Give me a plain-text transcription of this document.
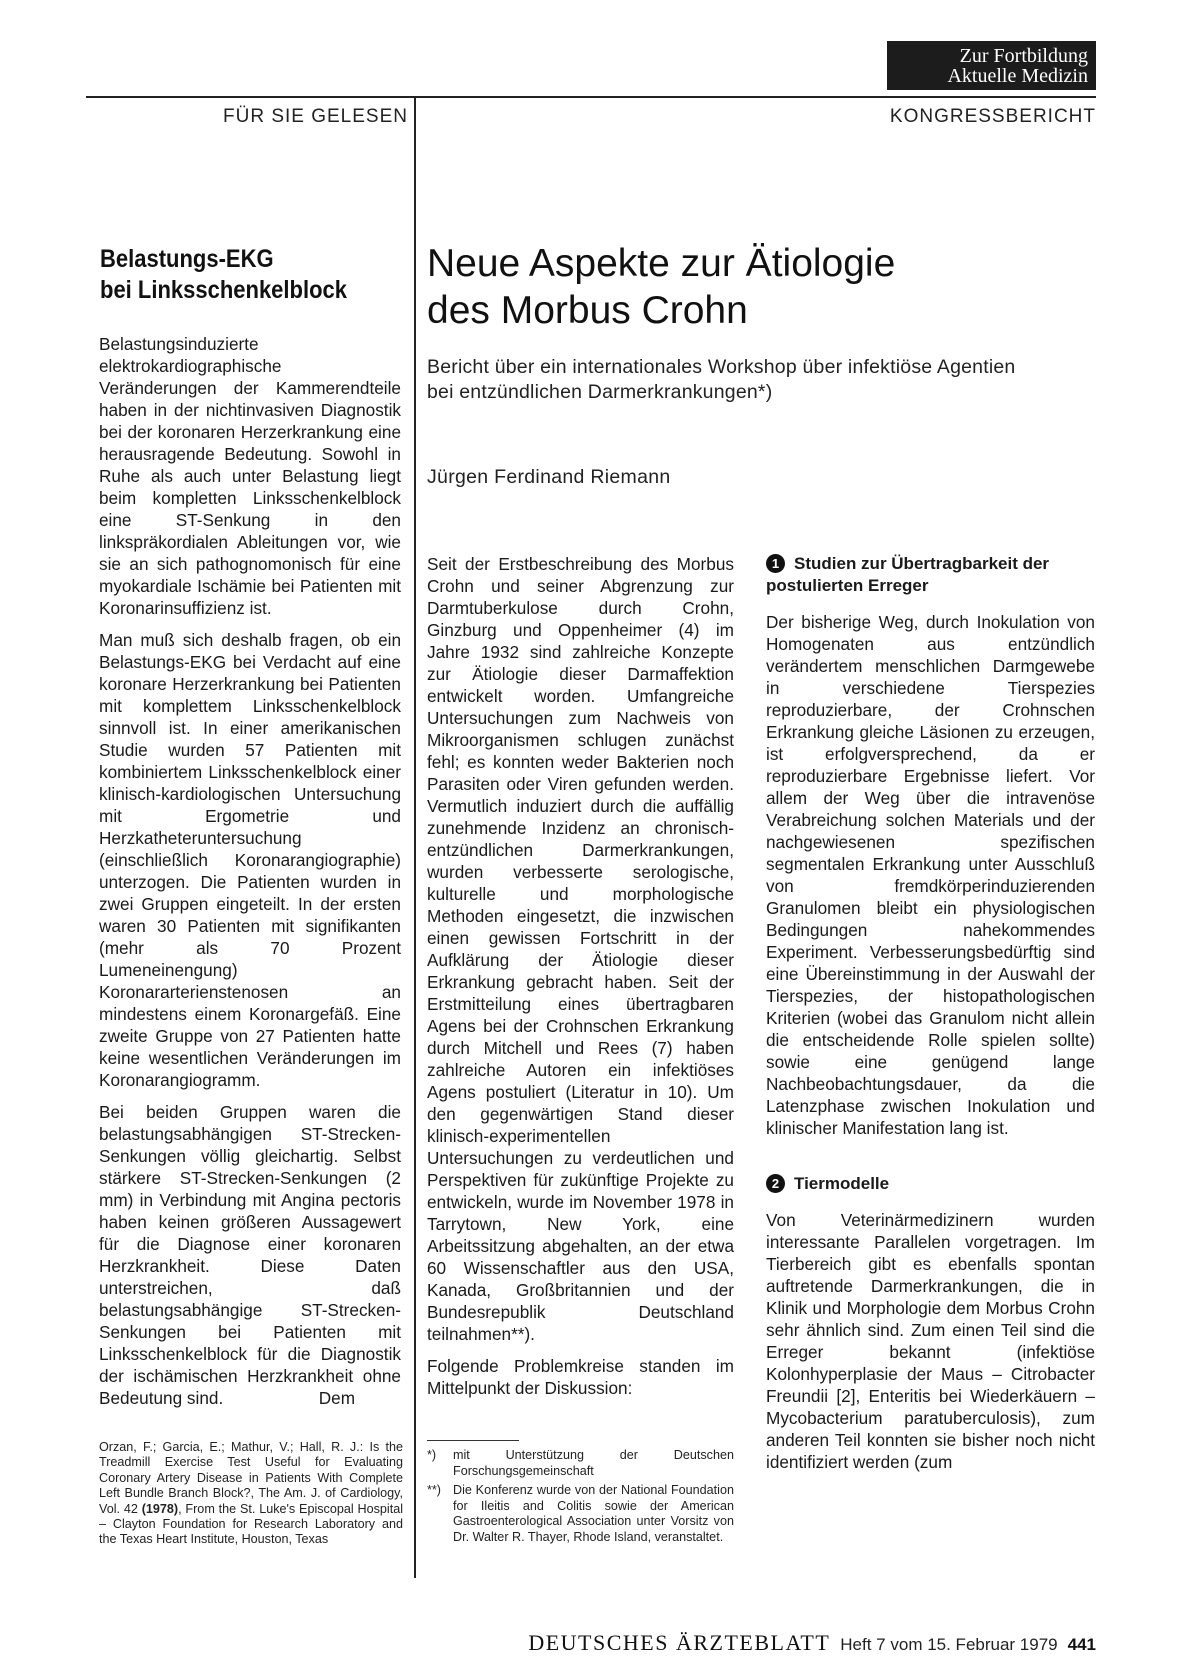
Zur Fortbildung
Aktuelle Medizin
FÜR SIE GELESEN	KONGRESSBERICHT
Belastungs-EKG
bei Linksschenkelblock

Belastungsinduzierte elektrokardiographische Veränderungen der Kammerendteile haben in der nichtinvasiven Diagnostik bei der koronaren Herzerkrankung eine herausragende Bedeutung. Sowohl in Ruhe als auch unter Belastung liegt beim kompletten Linksschenkelblock eine ST-Senkung in den linkspräkordialen Ableitungen vor, wie sie an sich pathognomonisch für eine myokardiale Ischämie bei Patienten mit Koronarinsuffizienz ist.

Man muß sich deshalb fragen, ob ein Belastungs-EKG bei Verdacht auf eine koronare Herzerkrankung bei Patienten mit komplettem Linksschenkelblock sinnvoll ist. In einer amerikanischen Studie wurden 57 Patienten mit kombiniertem Linksschenkelblock einer klinisch-kardiologischen Untersuchung mit Ergometrie und Herzkatheteruntersuchung (einschließlich Koronarangiographie) unterzogen. Die Patienten wurden in zwei Gruppen eingeteilt. In der ersten waren 30 Patienten mit signifikanten (mehr als 70 Prozent Lumeneinengung) Koronararterienstenosen an mindestens einem Koronargefäß. Eine zweite Gruppe von 27 Patienten hatte keine wesentlichen Veränderungen im Koronarangiogramm.

Bei beiden Gruppen waren die belastungsabhängigen ST-Strecken-Senkungen völlig gleichartig. Selbst stärkere ST-Strecken-Senkungen (2 mm) in Verbindung mit Angina pectoris haben keinen größeren Aussagewert für die Diagnose einer koronaren Herzkrankheit. Diese Daten unterstreichen, daß belastungsabhängige ST-Strecken-Senkungen bei Patienten mit Linksschenkelblock für die Diagnostik der ischämischen Herzkrankheit ohne Bedeutung sind.                    Dem

Orzan, F.; Garcia, E.; Mathur, V.; Hall, R. J.: Is the Treadmill Exercise Test Useful for Evaluating Coronary Artery Disease in Patients With Complete Left Bundle Branch Block?, The Am. J. of Cardiology, Vol. 42 (1978), From the St. Luke's Episcopal Hospital – Clayton Foundation for Research Laboratory and the Texas Heart Institute, Houston, Texas
Neue Aspekte zur Ätiologie
des Morbus Crohn
Bericht über ein internationales Workshop über infektiöse Agentien
bei entzündlichen Darmerkrankungen*)
Jürgen Ferdinand Riemann

Seit der Erstbeschreibung des Morbus Crohn und seiner Abgrenzung zur Darmtuberkulose durch Crohn, Ginzburg und Oppenheimer (4) im Jahre 1932 sind zahlreiche Konzepte zur Ätiologie dieser Darmaffektion entwickelt worden. Umfangreiche Untersuchungen zum Nachweis von Mikroorganismen schlugen zunächst fehl; es konnten weder Bakterien noch Parasiten oder Viren gefunden werden. Vermutlich induziert durch die auffällig zunehmende Inzidenz an chronisch-entzündlichen Darmerkrankungen, wurden verbesserte serologische, kulturelle und morphologische Methoden eingesetzt, die inzwischen einen gewissen Fortschritt in der Aufklärung der Ätiologie dieser Erkrankung gebracht haben. Seit der Erstmitteilung eines übertragbaren Agens bei der Crohnschen Erkrankung durch Mitchell und Rees (7) haben zahlreiche Autoren ein infektiöses Agens postuliert (Literatur in 10). Um den gegenwärtigen Stand dieser klinisch-experimentellen Untersuchungen zu verdeutlichen und Perspektiven für zukünftige Projekte zu entwickeln, wurde im November 1978 in Tarrytown, New York, eine Arbeitssitzung abgehalten, an der etwa 60 Wissenschaftler aus den USA, Kanada, Großbritannien und der Bundesrepublik Deutschland teilnahmen**).

Folgende Problemkreise standen im Mittelpunkt der Diskussion:

*)	mit Unterstützung der Deutschen Forschungsgemeinschaft
**) Die Konferenz wurde von der National Foundation for Ileitis and Colitis sowie der American Gastroenterological Association unter Vorsitz von Dr. Walter R. Thayer, Rhode Island, veranstaltet.
1 Studien zur Übertragbarkeit der postulierten Erreger

Der bisherige Weg, durch Inokulation von Homogenaten aus entzündlich verändertem menschlichen Darmgewebe in verschiedene Tierspezies reproduzierbare, der Crohnschen Erkrankung gleiche Läsionen zu erzeugen, ist erfolgversprechend, da er reproduzierbare Ergebnisse liefert. Vor allem der Weg über die intravenöse Verabreichung solchen Materials und der nachgewiesenen spezifischen segmentalen Erkrankung unter Ausschluß von fremdkörperinduzierenden Granulomen bleibt ein physiologischen Bedingungen nahekommendes Experiment. Verbesserungsbedürftig sind eine Übereinstimmung in der Auswahl der Tierspezies, der histopathologischen Kriterien (wobei das Granulom nicht allein die entscheidende Rolle spielen sollte) sowie eine genügend lange Nachbeobachtungsdauer, da die Latenzphase zwischen Inokulation und klinischer Manifestation lang ist.

2 Tiermodelle

Von Veterinärmedizinern wurden interessante Parallelen vorgetragen. Im Tierbereich gibt es ebenfalls spontan auftretende Darmerkrankungen, die in Klinik und Morphologie dem Morbus Crohn sehr ähnlich sind. Zum einen Teil sind die Erreger bekannt (infektiöse Kolonhyperplasie der Maus – Citrobacter Freundii [2], Enteritis bei Wiederkäuern – Mycobacterium paratuberculosis), zum anderen Teil konnten sie bisher noch nicht identifiziert werden (zum

DEUTSCHES ÄRZTEBLATT Heft 7 vom 15. Februar 1979 441
